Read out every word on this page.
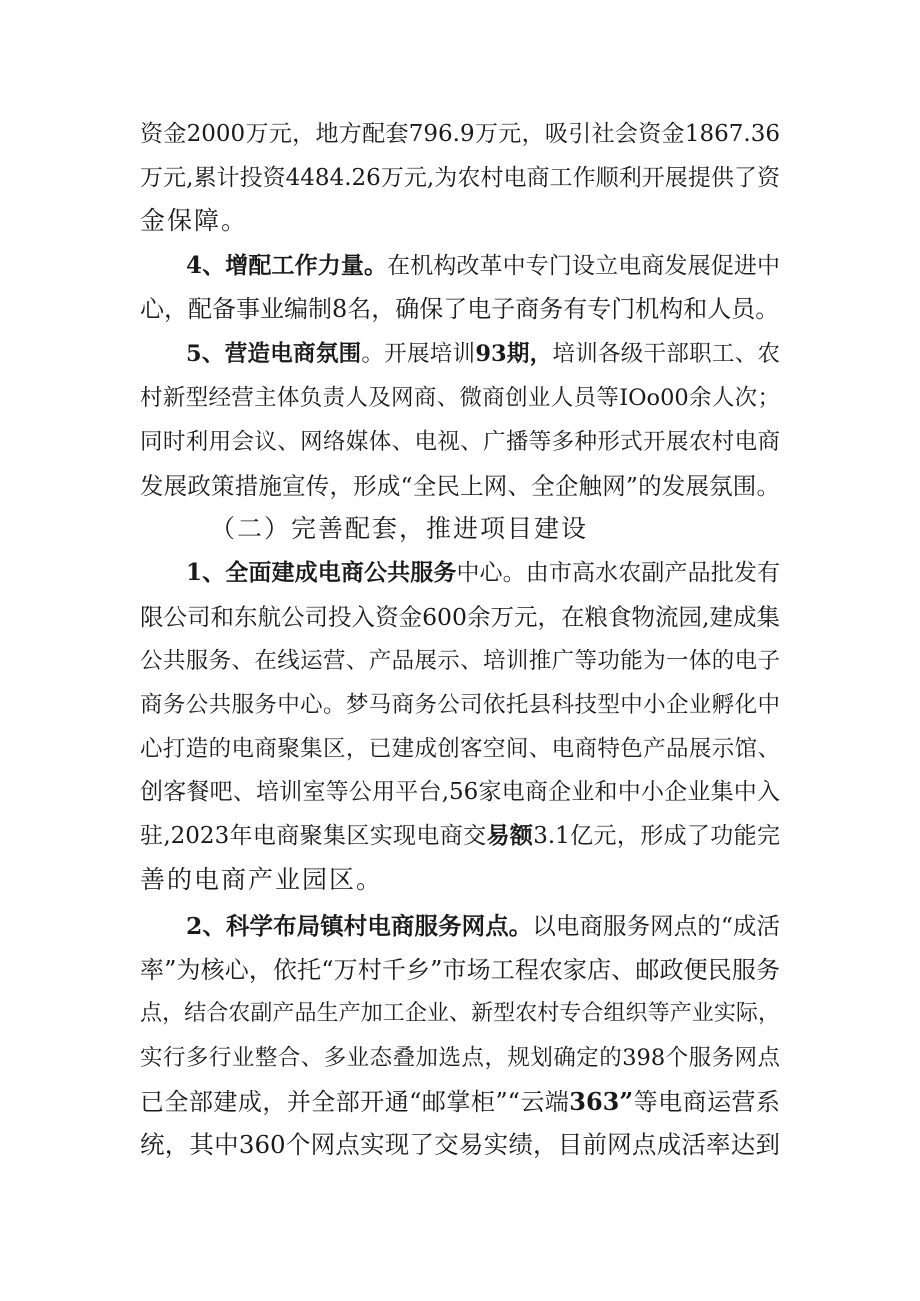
资金2000万元，地方配套796.9万元，吸引社会资金1867.36
万元,累计投资4484.26万元,为农村电商工作顺利开展提供了资
金保障。
4、增配工作力量。在机构改革中专门设立电商发展促进中
心，配备事业编制8名，确保了电子商务有专门机构和人员。
5、营造电商氛围。开展培训93期，培训各级干部职工、农
村新型经营主体负责人及网商、微商创业人员等IOo00余人次；
同时利用会议、网络媒体、电视、广播等多种形式开展农村电商
发展政策措施宣传，形成“全民上网、全企触网”的发展氛围。
（二）完善配套，推进项目建设
1、全面建成电商公共服务中心。由市高水农副产品批发有
限公司和东航公司投入资金600余万元，在粮食物流园,建成集
公共服务、在线运营、产品展示、培训推广等功能为一体的电子
商务公共服务中心。梦马商务公司依托县科技型中小企业孵化中
心打造的电商聚集区，已建成创客空间、电商特色产品展示馆、
创客餐吧、培训室等公用平台,56家电商企业和中小企业集中入
驻,2023年电商聚集区实现电商交易额3.1亿元，形成了功能完
善的电商产业园区。
2、科学布局镇村电商服务网点。以电商服务网点的“成活
率”为核心，依托“万村千乡”市场工程农家店、邮政便民服务
点，结合农副产品生产加工企业、新型农村专合组织等产业实际，
实行多行业整合、多业态叠加选点，规划确定的398个服务网点
已全部建成，并全部开通“邮掌柜”“云端363”等电商运营系
统，其中360个网点实现了交易实绩，目前网点成活率达到
